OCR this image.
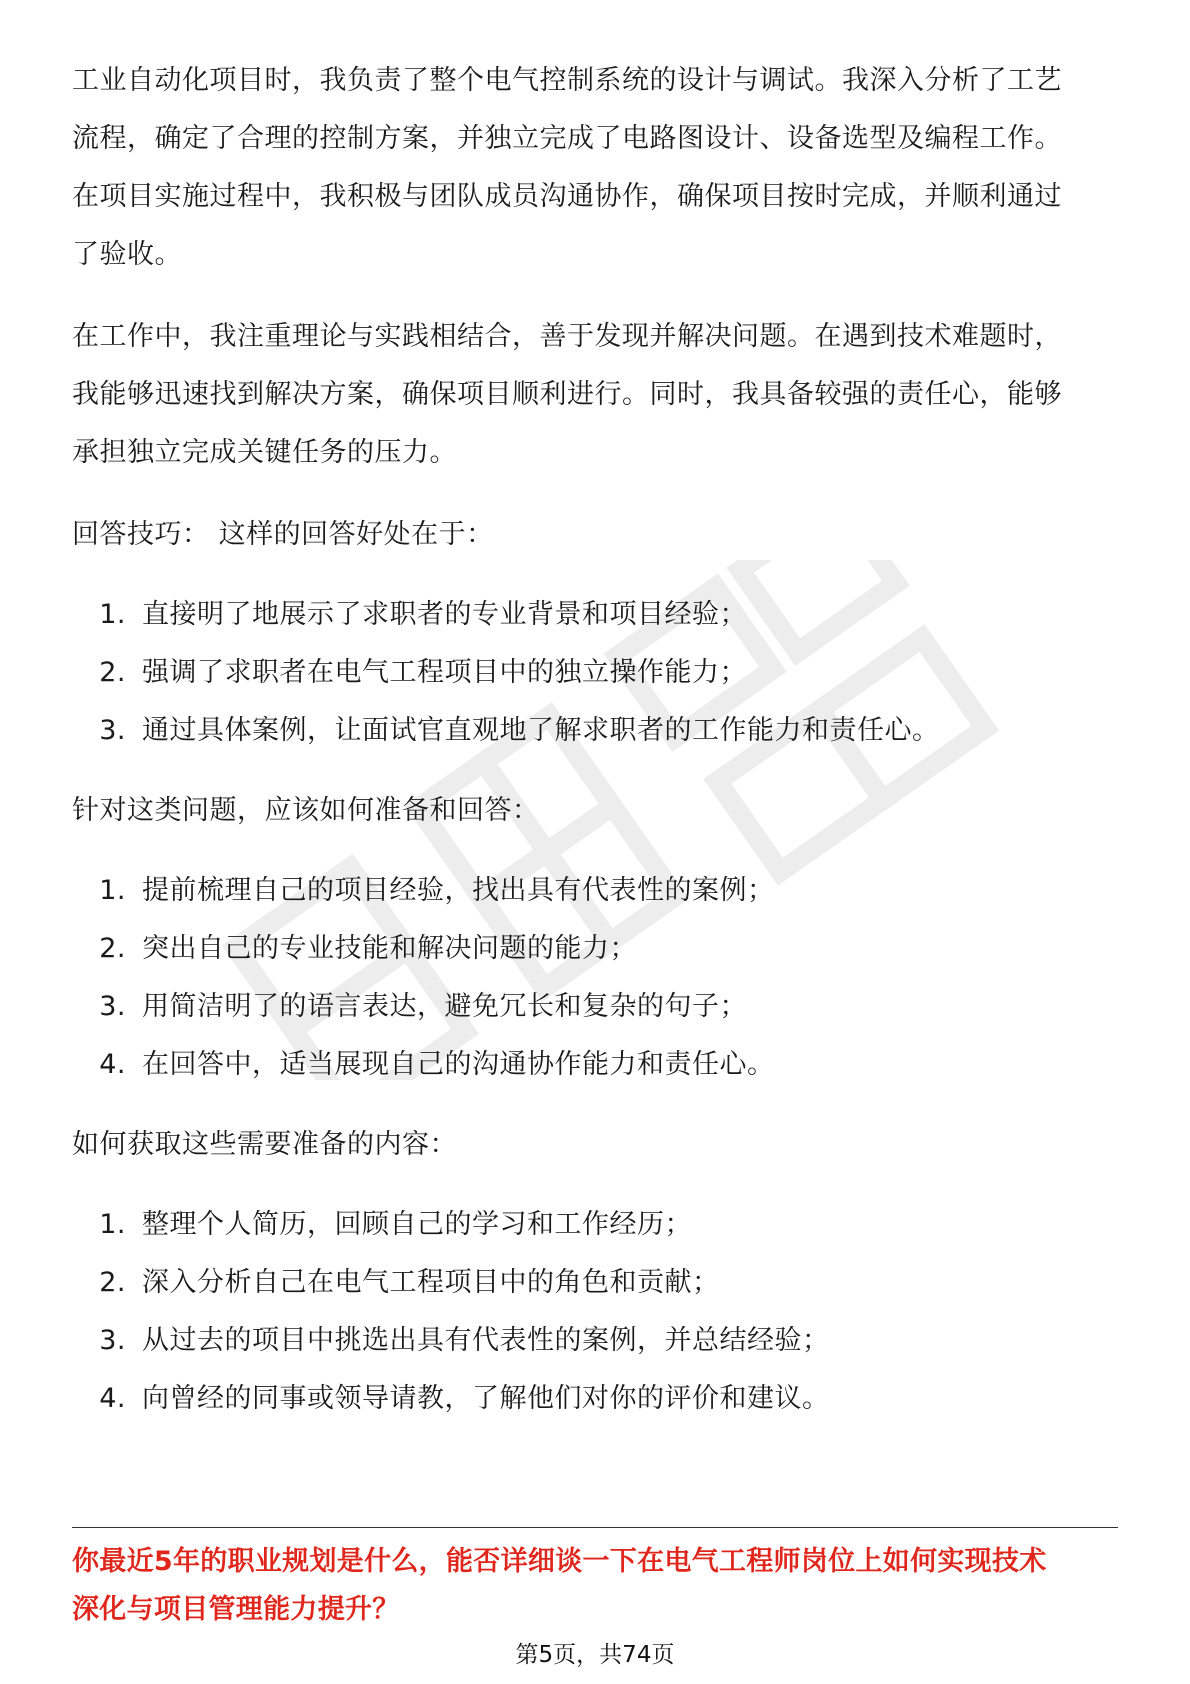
工业自动化项目时，我负责了整个电气控制系统的设计与调试。我深入分析了工艺
流程，确定了合理的控制方案，并独立完成了电路图设计、设备选型及编程工作。
在项目实施过程中，我积极与团队成员沟通协作，确保项目按时完成，并顺利通过
了验收。

在工作中，我注重理论与实践相结合，善于发现并解决问题。在遇到技术难题时，
我能够迅速找到解决方案，确保项目顺利进行。同时，我具备较强的责任心，能够
承担独立完成关键任务的压力。

回答技巧： 这样的回答好处在于：

1. 直接明了地展示了求职者的专业背景和项目经验；
2. 强调了求职者在电气工程项目中的独立操作能力；
3. 通过具体案例，让面试官直观地了解求职者的工作能力和责任心。

针对这类问题，应该如何准备和回答：

1. 提前梳理自己的项目经验，找出具有代表性的案例；
2. 突出自己的专业技能和解决问题的能力；
3. 用简洁明了的语言表达，避免冗长和复杂的句子；
4. 在回答中，适当展现自己的沟通协作能力和责任心。

如何获取这些需要准备的内容：

1. 整理个人简历，回顾自己的学习和工作经历；
2. 深入分析自己在电气工程项目中的角色和贡献；
3. 从过去的项目中挑选出具有代表性的案例，并总结经验；
4. 向曾经的同事或领导请教，了解他们对你的评价和建议。
你最近5年的职业规划是什么，能否详细谈一下在电气工程师岗位上如何实现技术
深化与项目管理能力提升？
第5页，共74页
